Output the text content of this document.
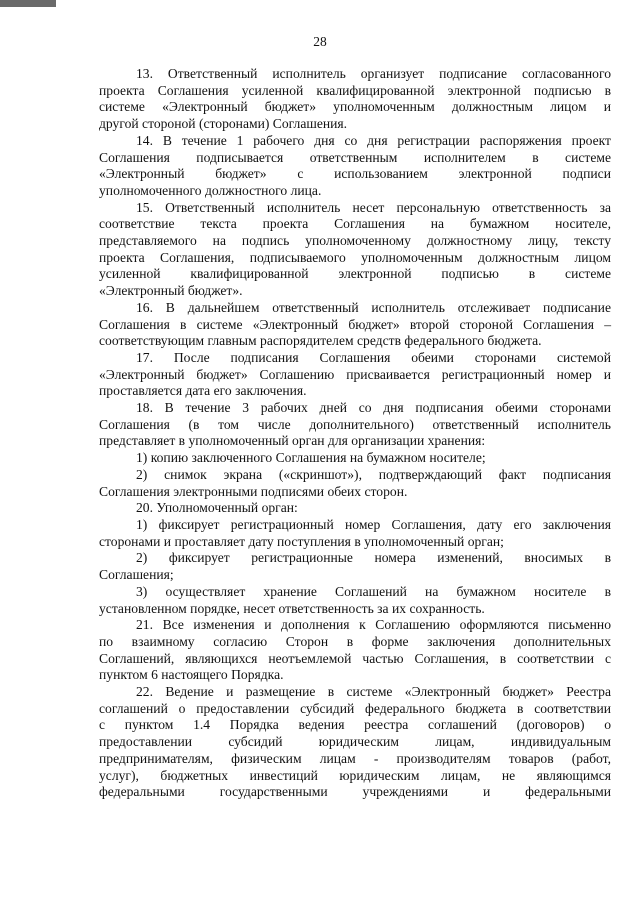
28
13. Ответственный исполнитель организует подписание согласованного
проекта Соглашения усиленной квалифицированной электронной подписью в
системе «Электронный бюджет» уполномоченным должностным лицом и
другой стороной (сторонами) Соглашения.
14. В течение 1 рабочего дня со дня регистрации распоряжения проект
Соглашения подписывается ответственным исполнителем в системе
«Электронный бюджет» с использованием электронной подписи
уполномоченного должностного лица.
15. Ответственный исполнитель несет персональную ответственность за
соответствие текста проекта Соглашения на бумажном носителе,
представляемого на подпись уполномоченному должностному лицу, тексту
проекта Соглашения, подписываемого уполномоченным должностным лицом
усиленной квалифицированной электронной подписью в системе
«Электронный бюджет».
16. В дальнейшем ответственный исполнитель отслеживает подписание
Соглашения в системе «Электронный бюджет» второй стороной Соглашения –
соответствующим главным распорядителем средств федерального бюджета.
17. После подписания Соглашения обеими сторонами системой
«Электронный бюджет» Соглашению присваивается регистрационный номер и
проставляется дата его заключения.
18. В течение 3 рабочих дней со дня подписания обеими сторонами
Соглашения (в том числе дополнительного) ответственный исполнитель
представляет в уполномоченный орган для организации хранения:
1) копию заключенного Соглашения на бумажном носителе;
2) снимок экрана («скриншот»), подтверждающий факт подписания
Соглашения электронными подписями обеих сторон.
20. Уполномоченный орган:
1) фиксирует регистрационный номер Соглашения, дату его заключения
сторонами и проставляет дату поступления в уполномоченный орган;
2) фиксирует регистрационные номера изменений, вносимых в
Соглашения;
3) осуществляет хранение Соглашений на бумажном носителе в
установленном порядке, несет ответственность за их сохранность.
21. Все изменения и дополнения к Соглашению оформляются письменно
по взаимному согласию Сторон в форме заключения дополнительных
Соглашений, являющихся неотъемлемой частью Соглашения, в соответствии с
пунктом 6 настоящего Порядка.
22. Ведение и размещение в системе «Электронный бюджет» Реестра
соглашений о предоставлении субсидий федерального бюджета в соответствии
с пунктом 1.4 Порядка ведения реестра соглашений (договоров) о
предоставлении субсидий юридическим лицам, индивидуальным
предпринимателям, физическим лицам - производителям товаров (работ,
услуг), бюджетных инвестиций юридическим лицам, не являющимся
федеральными государственными учреждениями и федеральными
